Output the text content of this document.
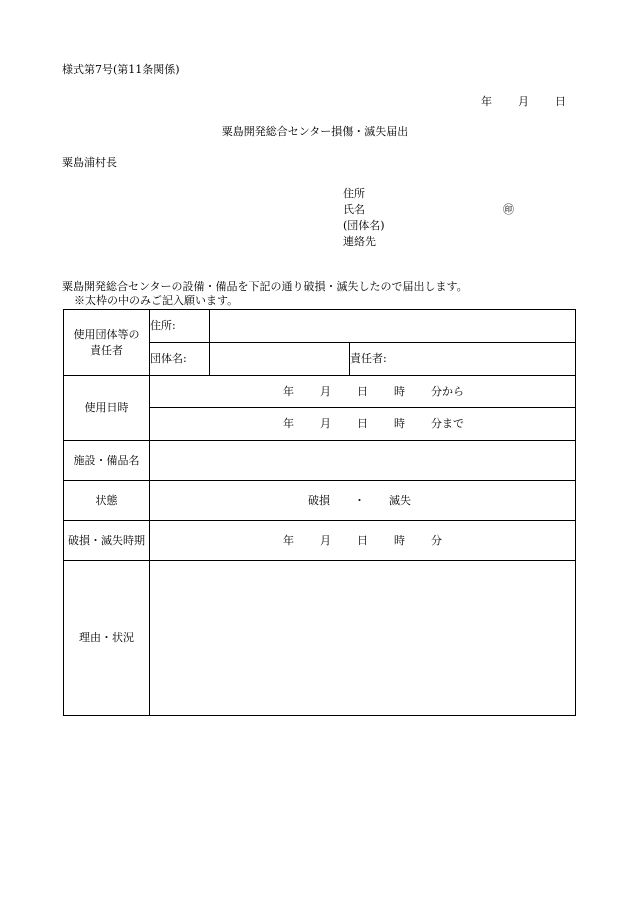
様式第7号(第11条関係)
年 月 日
粟島開発総合センター損傷・滅失届出
粟島浦村長
住所
氏名	㊞
(団体名)
連絡先
粟島開発総合センターの設備・備品を下記の通り破損・滅失したので届出します。
※太枠の中のみご記入願います。
使用団体等の
責任者	住所:		
	団体名:		責任者:
使用日時	年 月 日 時 分から		
	年 月 日 時 分まで		
施設・備品名			
状態	破損 ・ 滅失		
破損・滅失時期	年 月 日 時 分		
理由・状況			
